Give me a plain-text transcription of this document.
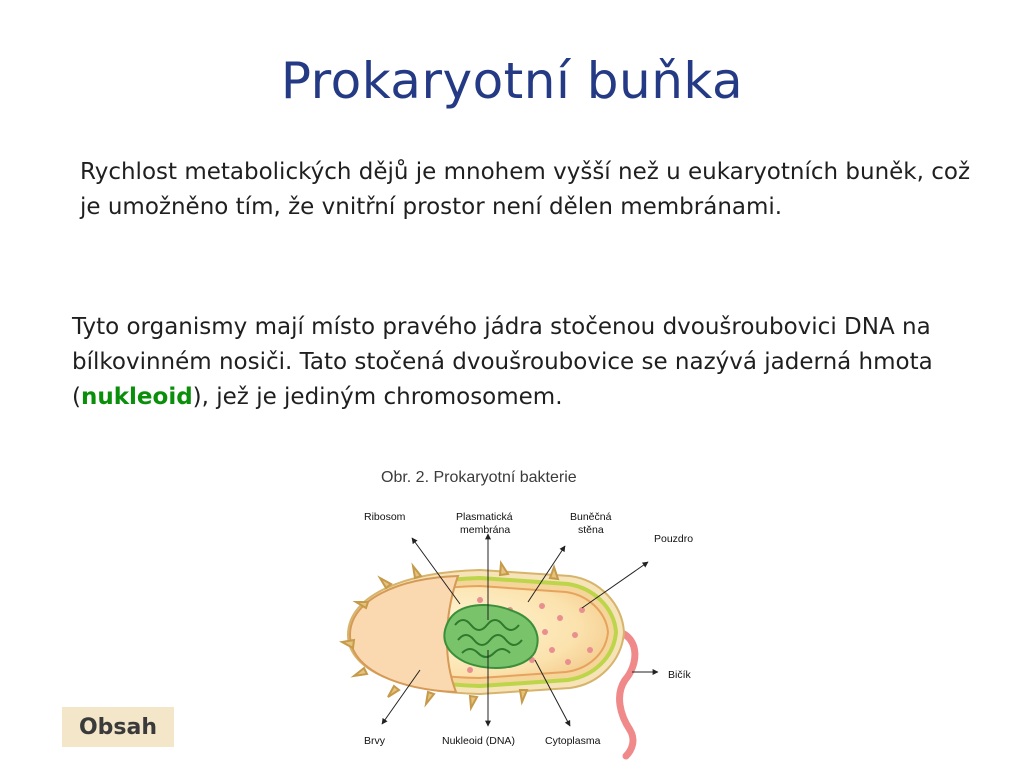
Prokaryotní buňka
Rychlost metabolických dějů je mnohem vyšší než u eukaryotních buněk, což je umožněno tím, že vnitřní prostor není dělen membránami.
Tyto organismy mají místo pravého jádra stočenou dvoušroubovici DNA na bílkovinném nosiči. Tato stočená dvoušroubovice se nazývá jaderná hmota (nukleoid), jež je jediným chromosomem.
Obr. 2. Prokaryotní bakterie
Ribosom	Plasmatická
membrána
Buněčná
stěna
Pouzdro
Bičík
Brvy	Nukleoid (DNA)	Cytoplasma
Obsah
